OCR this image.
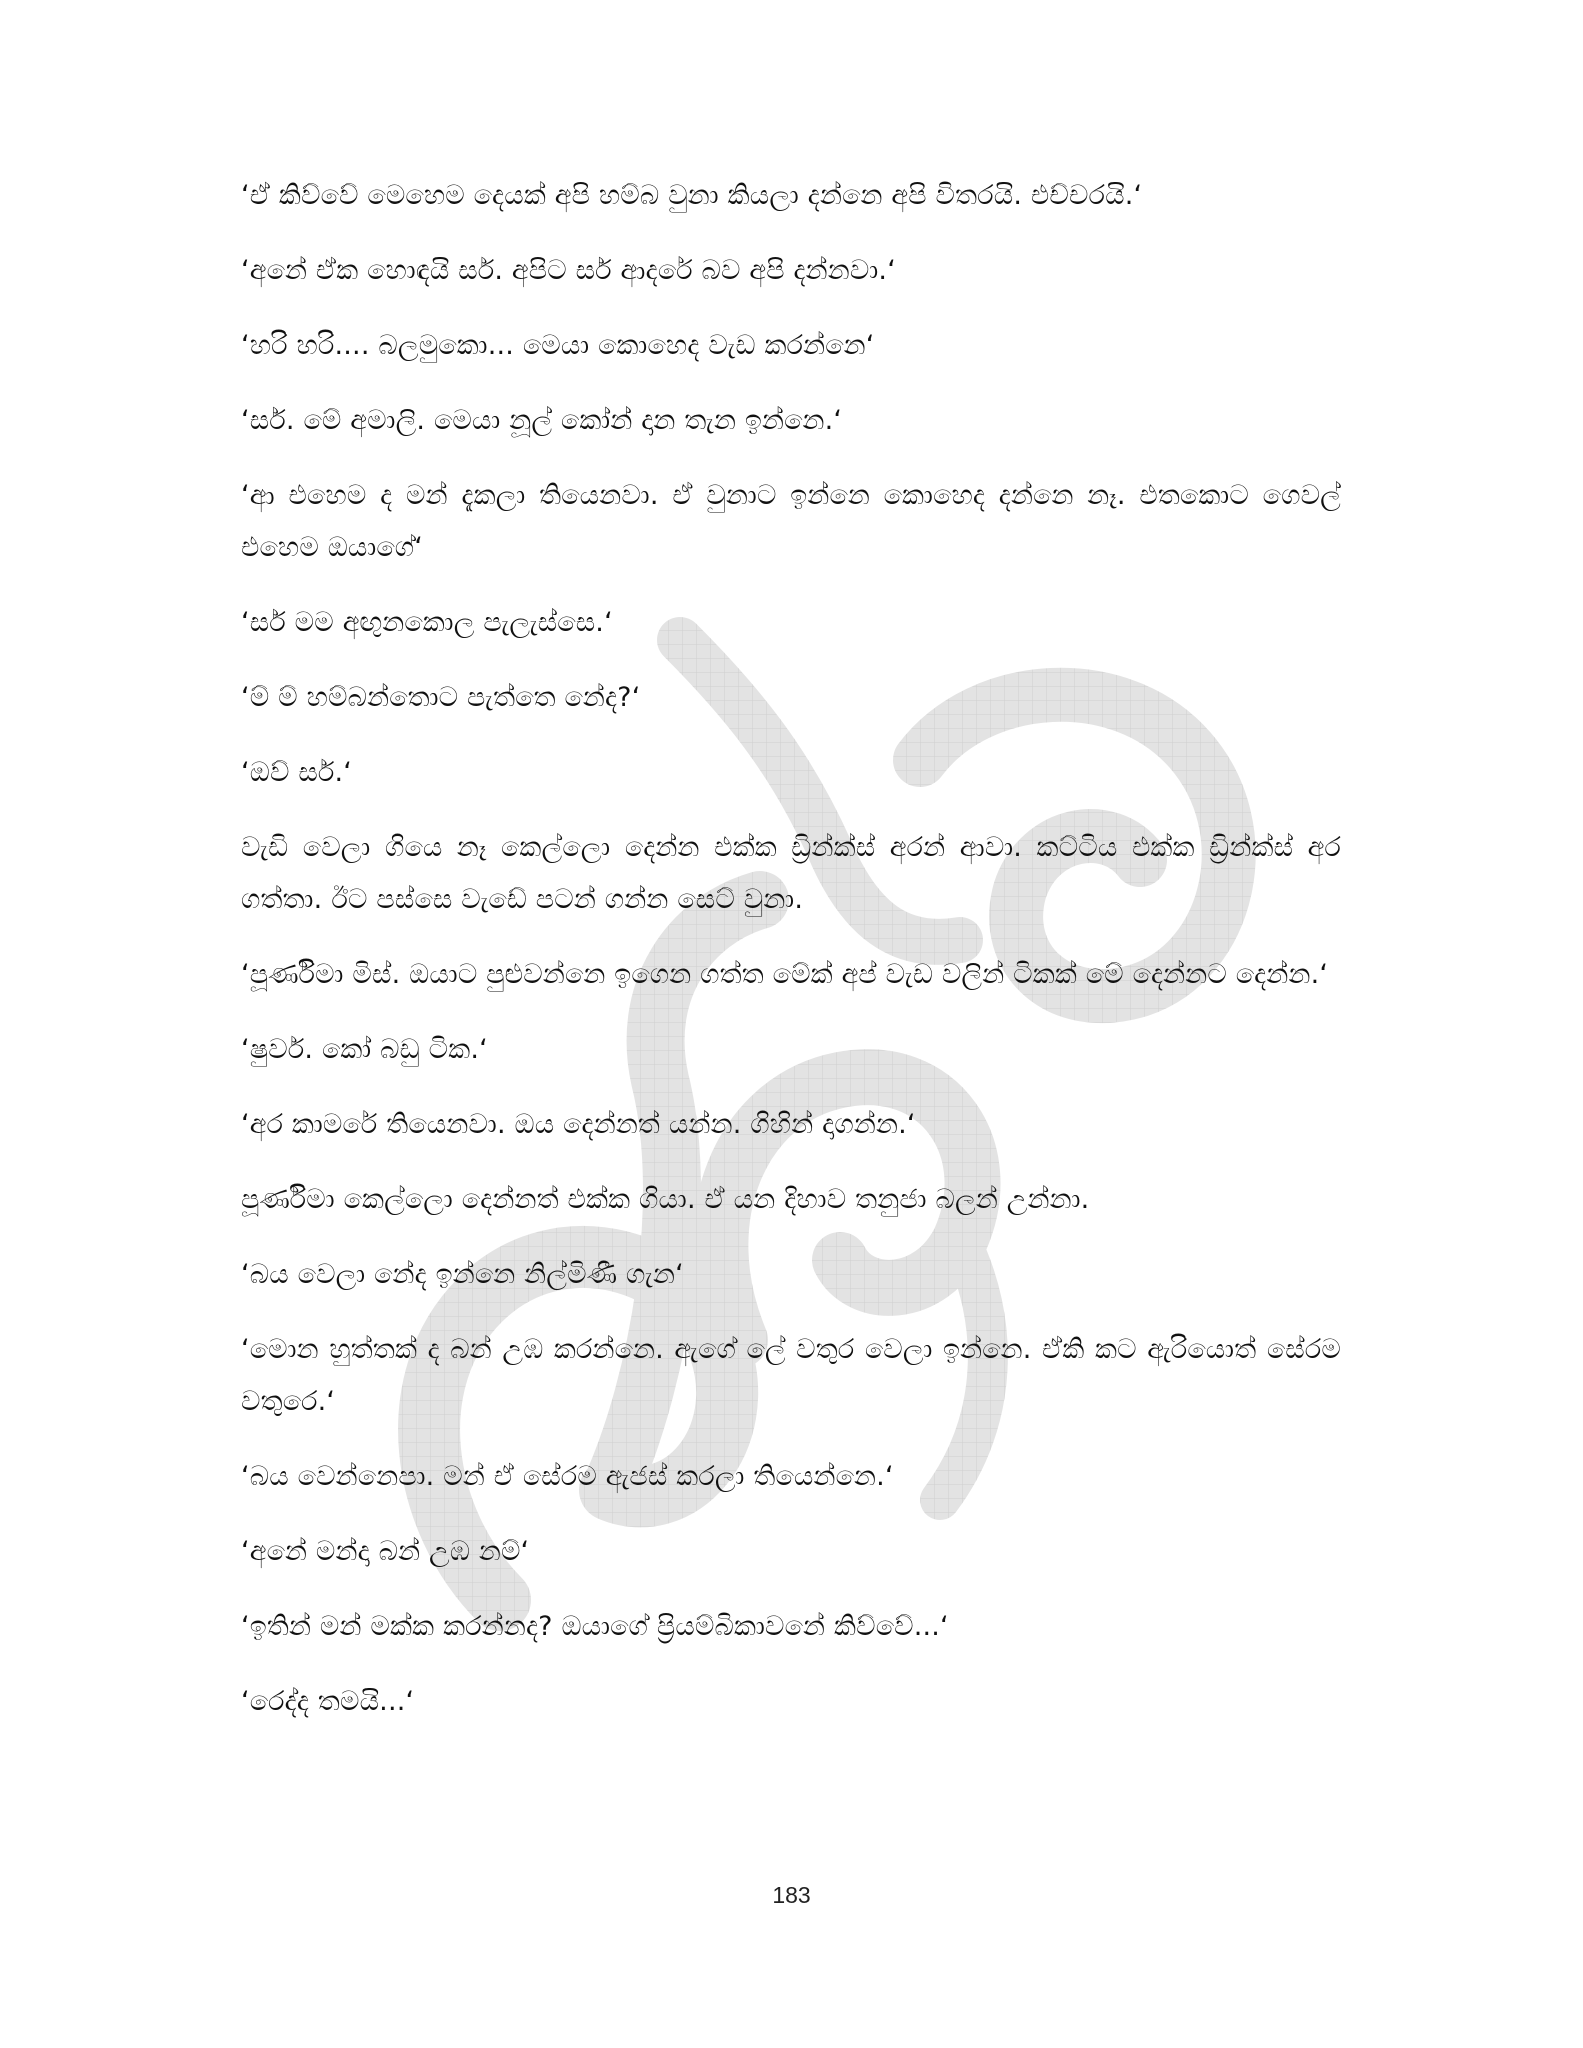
‘ඒ කිව්වේ මෙහෙම දෙයක් අපි හම්බ වුනා කියලා දන්නෙ අපි විතරයි. එච්චරයි.‘

‘අනේ ඒක හොඳයි සර්. අපිට සර් ආදරේ බව අපි දන්නවා.‘

‘හරි හරි.... බලමුකො... මෙයා කොහෙද වැඩ කරන්නෙ‘

‘සර්. මේ අමාලි. මෙයා නූල් කෝන් දාන තැන ඉන්නෙ.‘

‘ආ එහෙම ද මන් දැකලා තියෙනවා. ඒ වුනාට ඉන්නෙ කොහෙද දන්නෙ නෑ. එතකොට ගෙවල් එහෙම ඔයාගේ‘

‘සර් මම අඟුනකොල පැලැස්සෙ.‘

‘ම් ම් හම්බන්තොට පැත්තෙ නේද?‘

‘ඔව් සර්.‘

වැඩි වෙලා ගියෙ නෑ කෙල්ලො දෙන්න එක්ක ඩ්‍රින්ක්ස් අරන් ආවා. කට්ටිය එක්ක ඩ්‍රින්ක්ස් අර ගත්තා. ඊට පස්සෙ වැඩේ පටන් ගන්න සෙට් වුනා.

‘පූර්ණිමා මිස්. ඔයාට පුළුවන්නෙ ඉගෙන ගත්ත මේක් අප් වැඩ වලින් ටිකක් මේ දෙන්නට දෙන්න.‘

‘ෂුවර්. කෝ බඩු ටික.‘

‘අර කාමරේ තියෙනවා. ඔය දෙන්නත් යන්න. ගිහින් දාගන්න.‘

පූර්ණිමා කෙල්ලො දෙන්නත් එක්ක ගියා. ඒ යන දිහාව තනුජා බලන් උන්නා.

‘බය වෙලා නේද ඉන්නෙ නිල්මිණී ගැන‘

‘මොන හුත්තක් ද බන් උඹ කරන්නෙ. ඇගේ ලේ වතුර වෙලා ඉන්නෙ. ඒකි කට ඇරියොත් සේරම වතුරෙ.‘

‘බය වෙන්නෙපා. මන් ඒ සේරම ඇජස් කරලා තියෙන්නෙ.‘

‘අනේ මන්දා බන් උඹ නම්‘

‘ඉතින් මන් මක්ක කරන්නද? ඔයාගේ ප්‍රියම්බිකාවනේ කිව්වේ...‘

‘රෙද්ද තමයි...‘

183
